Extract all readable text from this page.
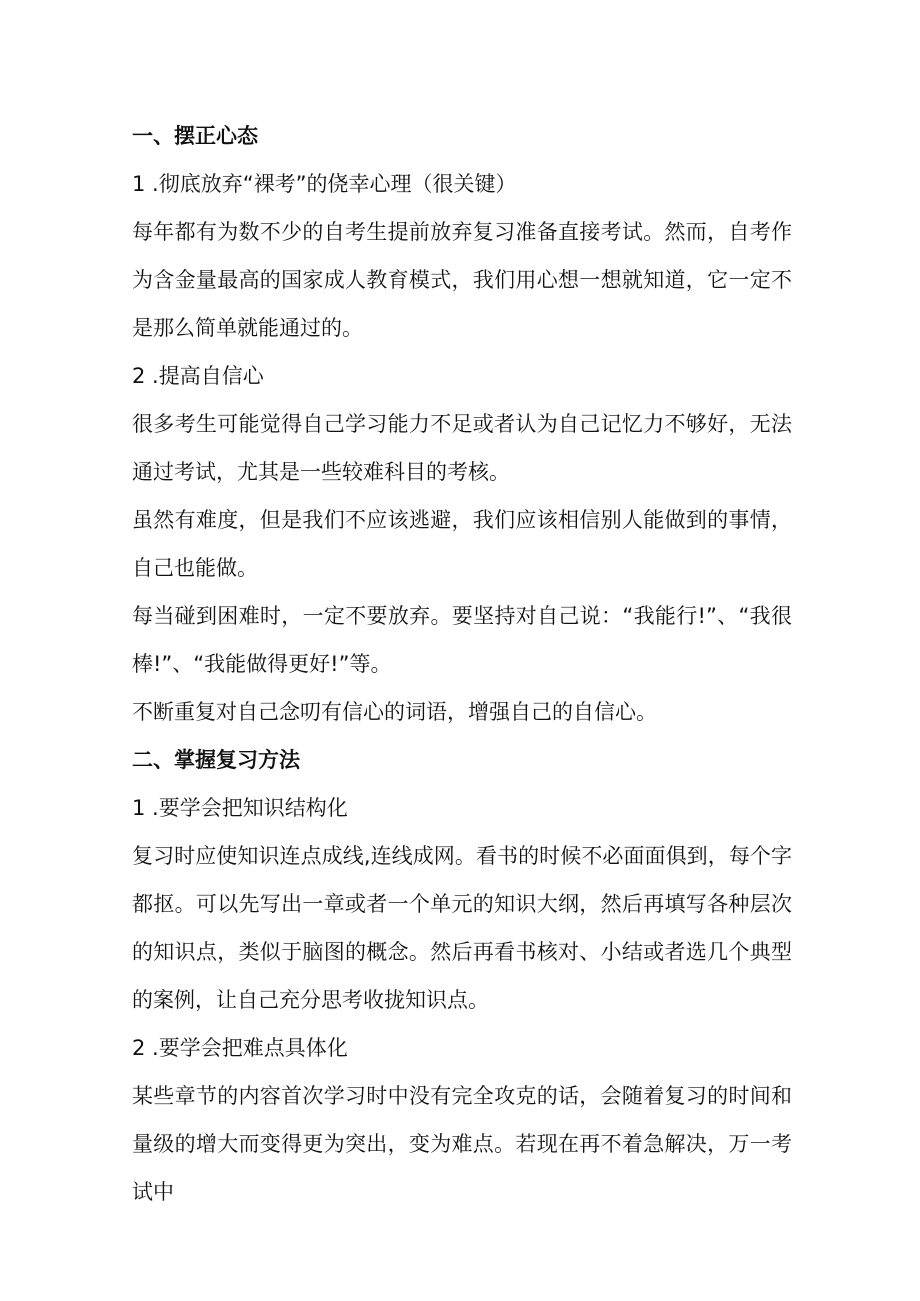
一、摆正心态

1 .彻底放弃“裸考”的侥幸心理（很关键）

每年都有为数不少的自考生提前放弃复习准备直接考试。然而，自考作为含金量最高的国家成人教育模式，我们用心想一想就知道，它一定不是那么简单就能通过的。

2 .提高自信心

很多考生可能觉得自己学习能力不足或者认为自己记忆力不够好，无法通过考试，尤其是一些较难科目的考核。

虽然有难度，但是我们不应该逃避，我们应该相信别人能做到的事情，自己也能做。

每当碰到困难时，一定不要放弃。要坚持对自己说：“我能行!”、“我很棒!”、“我能做得更好!”等。

不断重复对自己念叨有信心的词语，增强自己的自信心。

二、掌握复习方法

1 .要学会把知识结构化

复习时应使知识连点成线,连线成网。看书的时候不必面面俱到，每个字都抠。可以先写出一章或者一个单元的知识大纲，然后再填写各种层次的知识点，类似于脑图的概念。然后再看书核对、小结或者选几个典型的案例，让自己充分思考收拢知识点。

2 .要学会把难点具体化

某些章节的内容首次学习时中没有完全攻克的话，会随着复习的时间和量级的增大而变得更为突出，变为难点。若现在再不着急解决，万一考试中
